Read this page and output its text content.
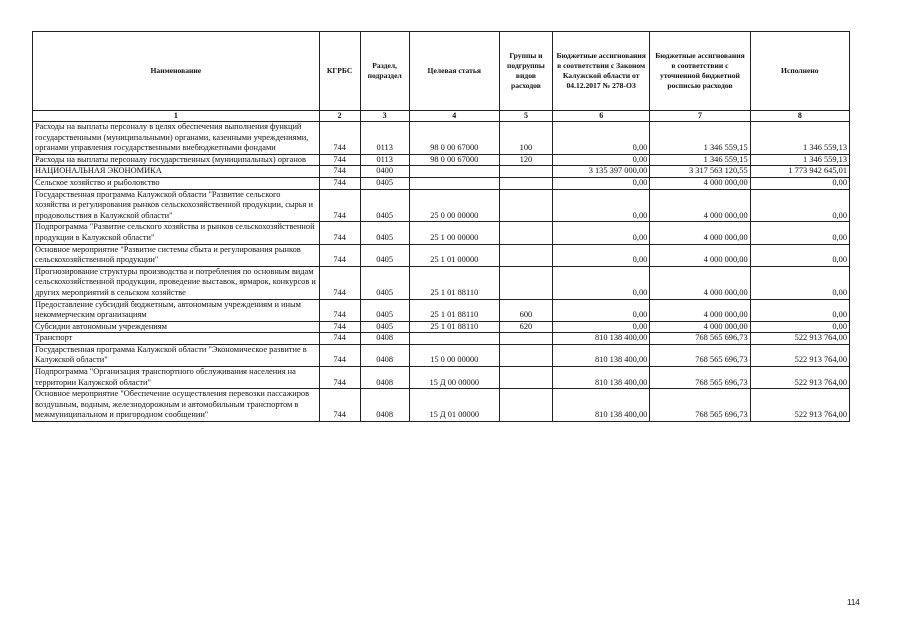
Наименование	КГРБС	Раздел, подраздел	Целевая статья	Группы и подгруппы видов расходов	Бюджетные ассигнования в соответствии с Законом Калужской области от 04.12.2017 № 278-ОЗ	Бюджетные ассигнования в соответствии с уточненной бюджетной росписью расходов	Исполнено
1	2	3	4	5	6	7	8
Расходы на выплаты персоналу в целях обеспечения выполнения функций государственными (муниципальными) органами, казенными учреждениями, органами управления государственными внебюджетными фондами	744	0113	98 0 00 67000	100	0,00	1 346 559,15	1 346 559,13
Расходы на выплаты персоналу государственных (муниципальных) органов	744	0113	98 0 00 67000	120	0,00	1 346 559,15	1 346 559,13
НАЦИОНАЛЬНАЯ ЭКОНОМИКА	744	0400			3 135 397 000,00	3 317 563 120,55	1 773 942 645,01
Сельское хозяйство и рыболовство	744	0405			0,00	4 000 000,00	0,00
Государственная программа Калужской области "Развитие сельского хозяйства и регулирования рынков сельскохозяйственной продукции, сырья и продовольствия в Калужской области"	744	0405	25 0 00 00000		0,00	4 000 000,00	0,00
Подпрограмма "Развитие сельского хозяйства и рынков сельскохозяйственной продукции в Калужской области"	744	0405	25 1 00 00000		0,00	4 000 000,00	0,00
Основное мероприятие "Развитие системы сбыта и регулирования рынков сельскохозяйственной продукции"	744	0405	25 1 01 00000		0,00	4 000 000,00	0,00
Прогнозирование структуры производства и потребления по основным видам сельскохозяйственной продукции, проведение выставок, ярмарок, конкурсов и других мероприятий в сельском хозяйстве	744	0405	25 1 01 88110		0,00	4 000 000,00	0,00
Предоставление субсидий бюджетным, автономным учреждениям и иным некоммерческим организациям	744	0405	25 1 01 88110	600	0,00	4 000 000,00	0,00
Субсидии автономным учреждениям	744	0405	25 1 01 88110	620	0,00	4 000 000,00	0,00
Транспорт	744	0408			810 138 400,00	768 565 696,73	522 913 764,00
Государственная программа Калужской области "Экономическое развитие в Калужской области"	744	0408	15 0 00 00000		810 138 400,00	768 565 696,73	522 913 764,00
Подпрограмма "Организация транспортного обслуживания населения на территории Калужской области"	744	0408	15 Д 00 00000		810 138 400,00	768 565 696,73	522 913 764,00
Основное мероприятие "Обеспечение осуществления перевозки пассажиров воздушным, водным, железнодорожным и автомобильным транспортом в межмуниципальном и пригородном сообщении"	744	0408	15 Д 01 00000		810 138 400,00	768 565 696,73	522 913 764,00
114
